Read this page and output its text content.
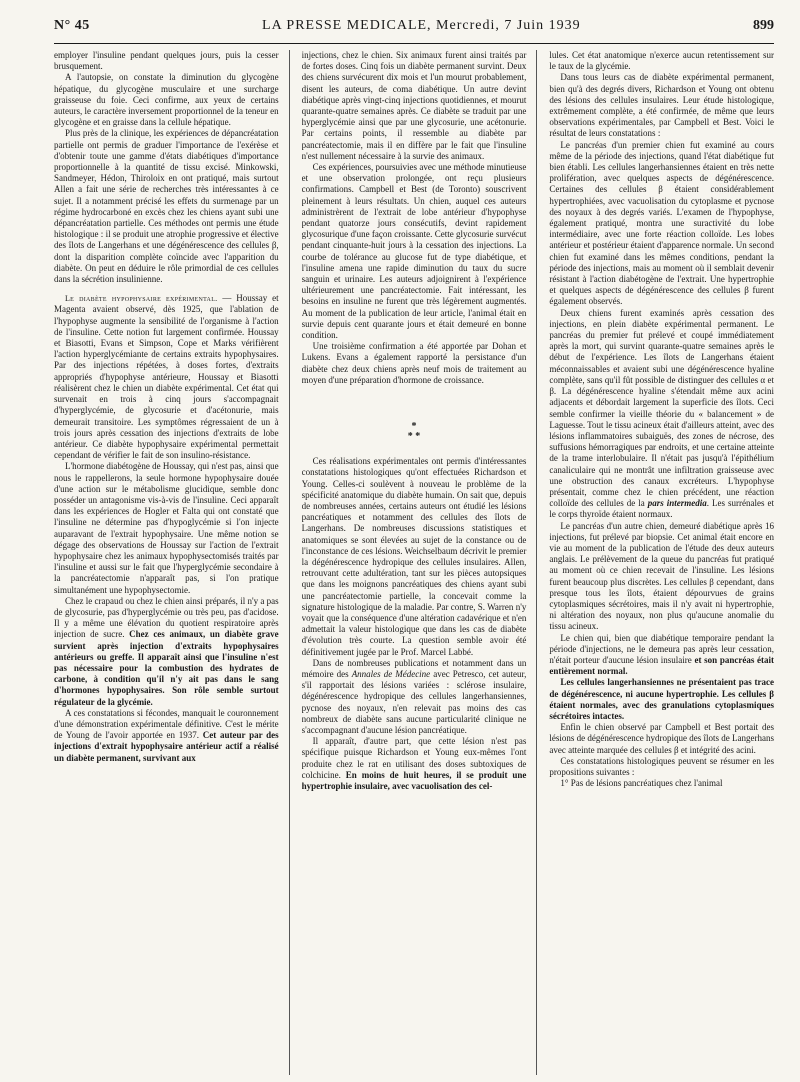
N° 45	LA PRESSE MEDICALE, Mercredi, 7 Juin 1939	899

employer l'insuline pendant quelques jours, puis la cesser brusquement.

A l'autopsie, on constate la diminution du glycogène hépatique, du glycogène musculaire et une surcharge graisseuse du foie. Ceci confirme, aux yeux de certains auteurs, le caractère inversement proportionnel de la teneur en glycogène et en graisse dans la cellule hépatique.

Plus près de la clinique, les expériences de dépancréatation partielle ont permis de graduer l'importance de l'exérèse et d'obtenir toute une gamme d'états diabétiques d'importance proportionnelle à la quantité de tissu excisé. Minkowski, Sandmeyer, Hédon, Thiroloix en ont pratiqué, mais surtout Allen a fait une série de recherches très intéressantes à ce sujet. Il a notamment précisé les effets du surmenage par un régime hydrocarboné en excès chez les chiens ayant subi une dépancréatation partielle. Ces méthodes ont permis une étude histologique : il se produit une atrophie progressive et élective des îlots de Langerhans et une dégénérescence des cellules β, dont la disparition complète coïncide avec l'apparition du diabète. On peut en déduire le rôle primordial de ces cellules dans la sécrétion insulinienne.

Le diabète hypophysaire expérimental. — Houssay et Magenta avaient observé, dès 1925, que l'ablation de l'hypophyse augmente la sensibilité de l'organisme à l'action de l'insuline. Cette notion fut largement confirmée. Houssay et Biasotti, Evans et Simpson, Cope et Marks vérifièrent l'action hyperglycémiante de certains extraits hypophysaires. Par des injections répétées, à doses fortes, d'extraits appropriés d'hypophyse antérieure, Houssay et Biasotti réalisèrent chez le chien un diabète expérimental. Cet état qui survenait en trois à cinq jours s'accompagnait d'hyperglycémie, de glycosurie et d'acétonurie, mais demeurait transitoire. Les symptômes régressaient de un à trois jours après cessation des injections d'extraits de lobe antérieur. Ce diabète hypophysaire expérimental permettait cependant de vérifier le fait de son insulino-résistance.

L'hormone diabétogène de Houssay, qui n'est pas, ainsi que nous le rappellerons, la seule hormone hypophysaire douée d'une action sur le métabolisme glucidique, semble donc posséder un antagonisme vis-à-vis de l'insuline. Ceci apparaît dans les expériences de Hogler et Falta qui ont constaté que l'insuline ne détermine pas d'hypoglycémie si l'on injecte auparavant de l'extrait hypophysaire. Une même notion se dégage des observations de Houssay sur l'action de l'extrait hypophysaire chez les animaux hypophysectomisés traités par l'insuline et aussi sur le fait que l'hyperglycémie secondaire à la pancréatectomie n'apparaît pas, si l'on pratique simultanément une hypophysectomie.

Chez le crapaud ou chez le chien ainsi préparés, il n'y a pas de glycosurie, pas d'hyperglycémie ou très peu, pas d'acidose. Il y a même une élévation du quotient respiratoire après injection de sucre. Chez ces animaux, un diabète grave survient après injection d'extraits hypophysaires antérieurs ou greffe. Il apparaît ainsi que l'insuline n'est pas nécessaire pour la combustion des hydrates de carbone, à condition qu'il n'y ait pas dans le sang d'hormones hypophysaires. Son rôle semble surtout régulateur de la glycémie.

A ces constatations si fécondes, manquait le couronnement d'une démonstration expérimentale définitive. C'est le mérite de Young de l'avoir apportée en 1937. Cet auteur par des injections d'extrait hypophysaire antérieur actif a réalisé un diabète permanent, survivant aux

injections, chez le chien. Six animaux furent ainsi traités par de fortes doses. Cinq fois un diabète permanent survint. Deux des chiens survécurent dix mois et l'un mourut probablement, disent les auteurs, de coma diabétique. Un autre devint diabétique après vingt-cinq injections quotidiennes, et mourut quarante-quatre semaines après. Ce diabète se traduit par une hyperglycémie ainsi que par une glycosurie, une acétonurie. Par certains points, il ressemble au diabète par pancréatectomie, mais il en diffère par le fait que l'insuline n'est nullement nécessaire à la survie des animaux.

Ces expériences, poursuivies avec une méthode minutieuse et une observation prolongée, ont reçu plusieurs confirmations. Campbell et Best (de Toronto) souscrivent pleinement à leurs résultats. Un chien, auquel ces auteurs administrèrent de l'extrait de lobe antérieur d'hypophyse pendant quatorze jours consécutifs, devint rapidement glycosurique d'une façon croissante. Cette glycosurie survécut pendant cinquante-huit jours à la cessation des injections. La courbe de tolérance au glucose fut de type diabétique, et l'insuline amena une rapide diminution du taux du sucre sanguin et urinaire. Les auteurs adjoignirent à l'expérience ultérieurement une pancréatectomie. Fait intéressant, les besoins en insuline ne furent que très légèrement augmentés. Au moment de la publication de leur article, l'animal était en survie depuis cent quarante jours et était demeuré en bonne condition.

Une troisième confirmation a été apportée par Dohan et Lukens. Evans a également rapporté la persistance d'un diabète chez deux chiens après neuf mois de traitement au moyen d'une préparation d'hormone de croissance.

*
* *

Ces réalisations expérimentales ont permis d'intéressantes constatations histologiques qu'ont effectuées Richardson et Young. Celles-ci soulèvent à nouveau le problème de la spécificité anatomique du diabète humain. On sait que, depuis de nombreuses années, certains auteurs ont étudié les lésions pancréatiques et notamment des cellules des îlots de Langerhans. De nombreuses discussions statistiques et anatomiques se sont élevées au sujet de la constance ou de l'inconstance de ces lésions. Weichselbaum décrivit le premier la dégénérescence hydropique des cellules insulaires. Allen, retrouvant cette adultération, tant sur les pièces autopsiques que dans les moignons pancréatiques des chiens ayant subi une pancréatectomie partielle, la concevait comme la signature histologique de la maladie. Par contre, S. Warren n'y voyait que la conséquence d'une altération cadavérique et n'en admettait la valeur histologique que dans les cas de diabète d'évolution très courte. La question semble avoir été définitivement jugée par le Prof. Marcel Labbé.

Dans de nombreuses publications et notamment dans un mémoire des Annales de Médecine avec Petresco, cet auteur, s'il rapportait des lésions variées : sclérose insulaire, dégénérescence hydropique des cellules langerhansiennes, pycnose des noyaux, n'en relevait pas moins des cas nombreux de diabète sans aucune particularité clinique ne s'accompagnant d'aucune lésion pancréatique.

Il apparaît, d'autre part, que cette lésion n'est pas spécifique puisque Richardson et Young eux-mêmes l'ont produite chez le rat en utilisant des doses subtoxiques de colchicine. En moins de huit heures, il se produit une hypertrophie insulaire, avec vacuolisation des cel-

lules. Cet état anatomique n'exerce aucun retentissement sur le taux de la glycémie.

Dans tous leurs cas de diabète expérimental permanent, bien qu'à des degrés divers, Richardson et Young ont obtenu des lésions des cellules insulaires. Leur étude histologique, extrêmement complète, a été confirmée, de même que leurs observations expérimentales, par Campbell et Best. Voici le résultat de leurs constatations :

Le pancréas d'un premier chien fut examiné au cours même de la période des injections, quand l'état diabétique fut bien établi. Les cellules langerhansiennes étaient en très nette prolifération, avec quelques aspects de dégénérescence. Certaines des cellules β étaient considérablement hypertrophiées, avec vacuolisation du cytoplasme et pycnose des noyaux à des degrés variés. L'examen de l'hypophyse, également pratiqué, montra une suractivité du lobe intermédiaire, avec une forte réaction colloïde. Les lobes antérieur et postérieur étaient d'apparence normale. Un second chien fut examiné dans les mêmes conditions, pendant la période des injections, mais au moment où il semblait devenir résistant à l'action diabétogène de l'extrait. Une hypertrophie et quelques aspects de dégénérescence des cellules β furent également observés.

Deux chiens furent examinés après cessation des injections, en plein diabète expérimental permanent. Le pancréas du premier fut prélevé et coupé immédiatement après la mort, qui survint quarante-quatre semaines après le début de l'expérience. Les îlots de Langerhans étaient méconnaissables et avaient subi une dégénérescence hyaline complète, sans qu'il fût possible de distinguer des cellules α et β. La dégénérescence hyaline s'étendait même aux acini adjacents et débordait largement la superficie des îlots. Ceci semble confirmer la vieille théorie du « balancement » de Laguesse. Tout le tissu acineux était d'ailleurs atteint, avec des lésions inflammatoires subaiguës, des zones de nécrose, des suffusions hémorragiques par endroits, et une certaine atteinte de la trame interlobulaire. Il n'était pas jusqu'à l'épithélium canaliculaire qui ne montrât une infiltration graisseuse avec une obstruction des canaux excréteurs. L'hypophyse présentait, comme chez le chien précédent, une réaction colloïde des cellules de la pars intermedia. Les surrénales et le corps thyroïde étaient normaux.

Le pancréas d'un autre chien, demeuré diabétique après 16 injections, fut prélevé par biopsie. Cet animal était encore en vie au moment de la publication de l'étude des deux auteurs anglais. Le prélèvement de la queue du pancréas fut pratiqué au moment où ce chien recevait de l'insuline. Les lésions furent beaucoup plus discrètes. Les cellules β cependant, dans presque tous les îlots, étaient dépourvues de grains cytoplasmiques sécrétoires, mais il n'y avait ni hypertrophie, ni altération des noyaux, non plus qu'aucune anomalie du tissu acineux.

Le chien qui, bien que diabétique temporaire pendant la période d'injections, ne le demeura pas après leur cessation, n'était porteur d'aucune lésion insulaire et son pancréas était entièrement normal.

Les cellules langerhansiennes ne présentaient pas trace de dégénérescence, ni aucune hypertrophie. Les cellules β étaient normales, avec des granulations cytoplasmiques sécrétoires intactes.

Enfin le chien observé par Campbell et Best portait des lésions de dégénérescence hydropique des îlots de Langerhans avec atteinte marquée des cellules β et intégrité des acini.

Ces constatations histologiques peuvent se résumer en les propositions suivantes :

1° Pas de lésions pancréatiques chez l'animal
